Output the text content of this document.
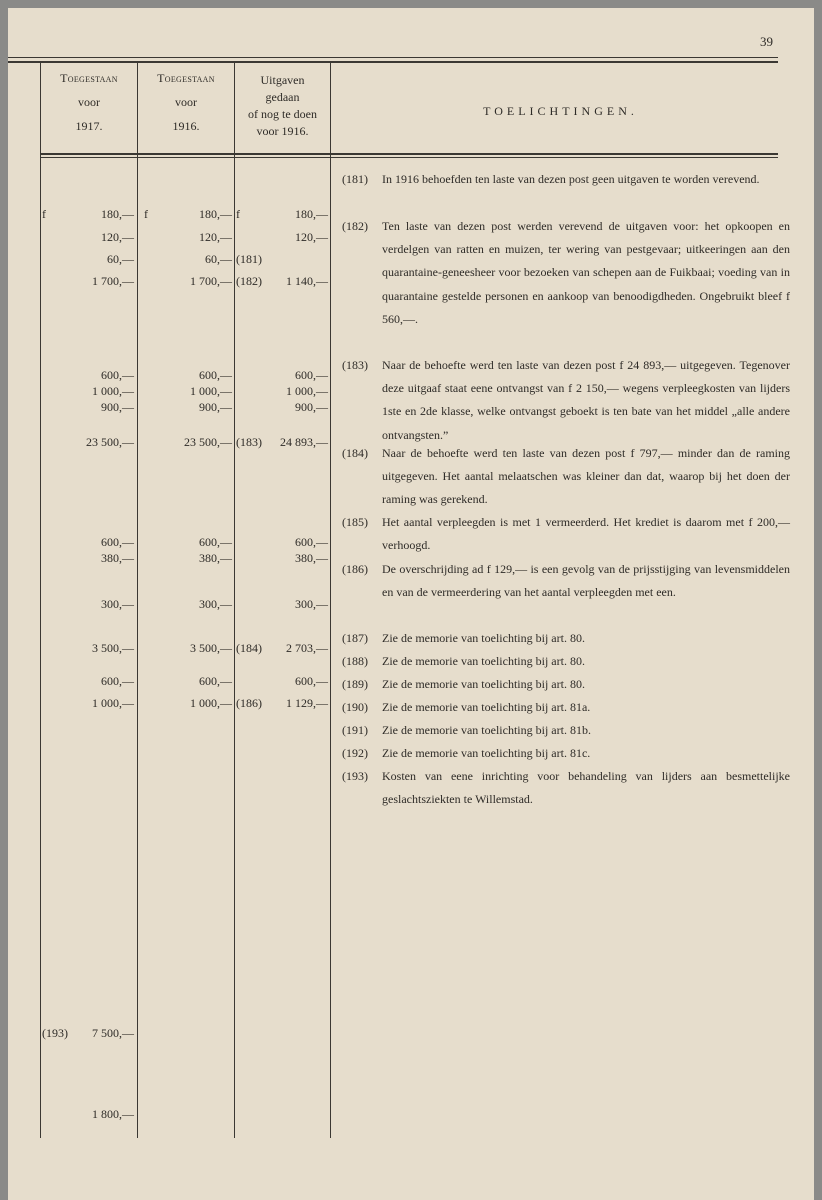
39
Toegestaan
voor
1917.
Toegestaan
voor
1916.
Uitgaven
gedaan
of nog te doen
voor 1916.
TOELICHTINGEN.
f	180,— f	180,— f	180,—
120,—	120,—	120,—
60,—	60,— (181)
1 700,—	1 700,— (182)	1 140,—
600,—	600,—	600,—
1 000,—	1 000,—	1 000,—
900,—	900,—	900,—
23 500,—	23 500,— (183)	24 893,—
600,—	600,—	600,—
380,—	380,—	380,—
300,—	300,—	300,—
3 500,—	3 500,— (184)	2 703,—
600,—	600,—	600,—
1 000,—	1 000,— (186)	1 129,—
(193)	7 500,—
1 800,—
(181) In 1916 behoefden ten laste van dezen post geen uitgaven te worden verevend.
(182) Ten laste van dezen post werden verevend de uitgaven voor: het opkoopen en verdelgen van ratten en muizen, ter wering van pestgevaar; uitkeeringen aan den quarantaine-geneesheer voor bezoeken van schepen aan de Fuikbaai; voeding van in quarantaine gestelde personen en aankoop van benoodigdheden. Ongebruikt bleef f 560,—.
(183) Naar de behoefte werd ten laste van dezen post f 24 893,— uitgegeven. Tegenover deze uitgaaf staat eene ontvangst van f 2 150,— wegens verpleegkosten van lijders 1ste en 2de klasse, welke ontvangst geboekt is ten bate van het middel „alle andere ontvangsten.”
(184) Naar de behoefte werd ten laste van dezen post f 797,— minder dan de raming uitgegeven. Het aantal melaatschen was kleiner dan dat, waarop bij het doen der raming was gerekend.
(185) Het aantal verpleegden is met 1 vermeerderd. Het krediet is daarom met f 200,— verhoogd.
(186) De overschrijding ad f 129,— is een gevolg van de prijsstijging van levensmiddelen en van de vermeerdering van het aantal verpleegden met een.
(187) Zie de memorie van toelichting bij art. 80.
(188) Zie de memorie van toelichting bij art. 80.
(189) Zie de memorie van toelichting bij art. 80.
(190) Zie de memorie van toelichting bij art. 81a.
(191) Zie de memorie van toelichting bij art. 81b.
(192) Zie de memorie van toelichting bij art. 81c.
(193) Kosten van eene inrichting voor behandeling van lijders aan besmettelijke geslachtsziekten te Willemstad.
